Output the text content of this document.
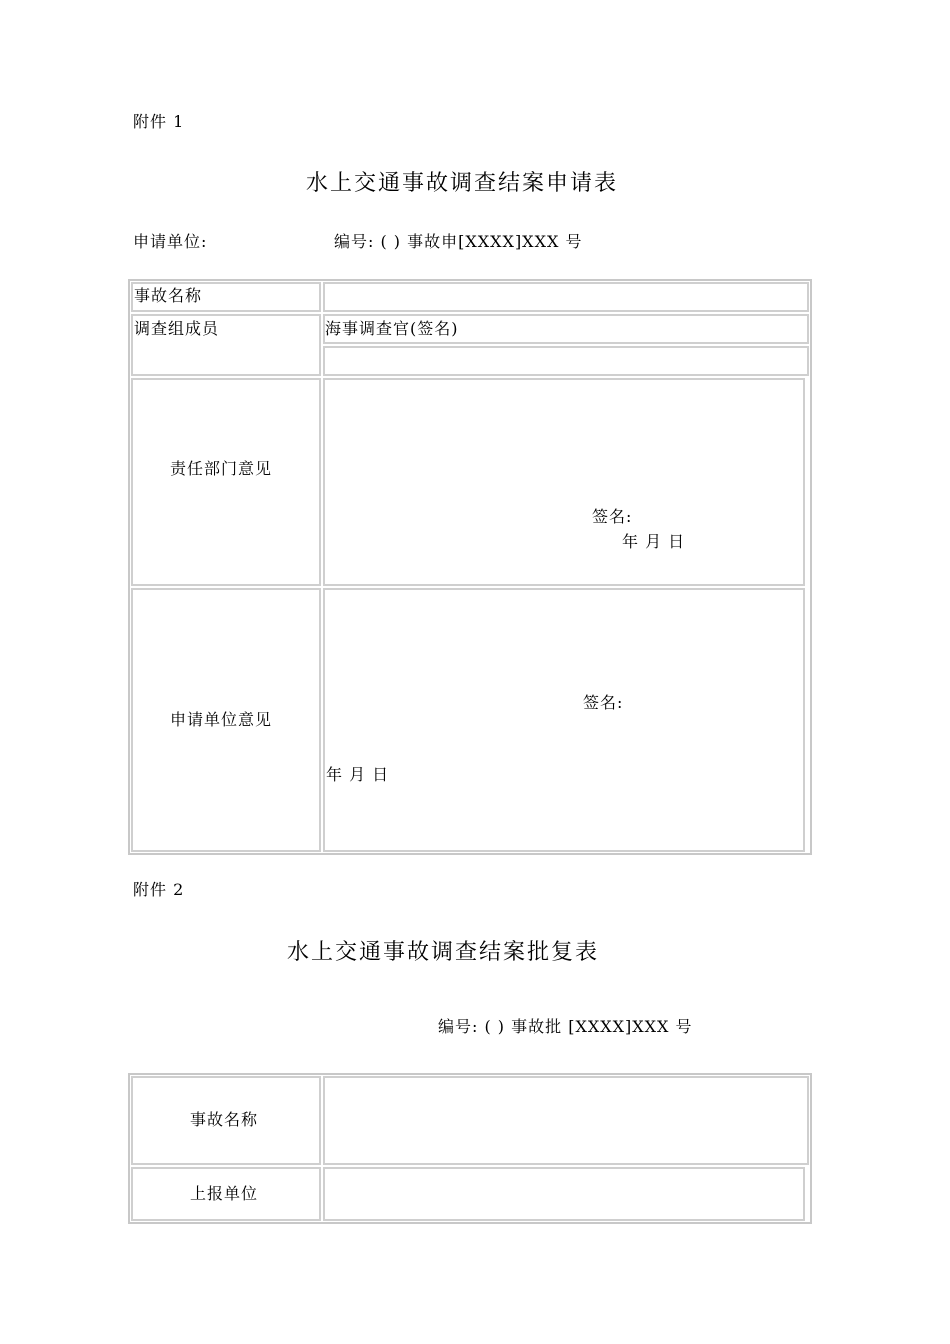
附件 1
水上交通事故调查结案申请表
申请单位:	编号: ( ) 事故申[XXXX]XXX 号
事故名称
调查组成员	海事调查官(签名)
责任部门意见
签名:
年 月 日
申请单位意见
签名:
年 月 日
附件 2
水上交通事故调查结案批复表
编号: ( ) 事故批 [XXXX]XXX 号
事故名称
上报单位
